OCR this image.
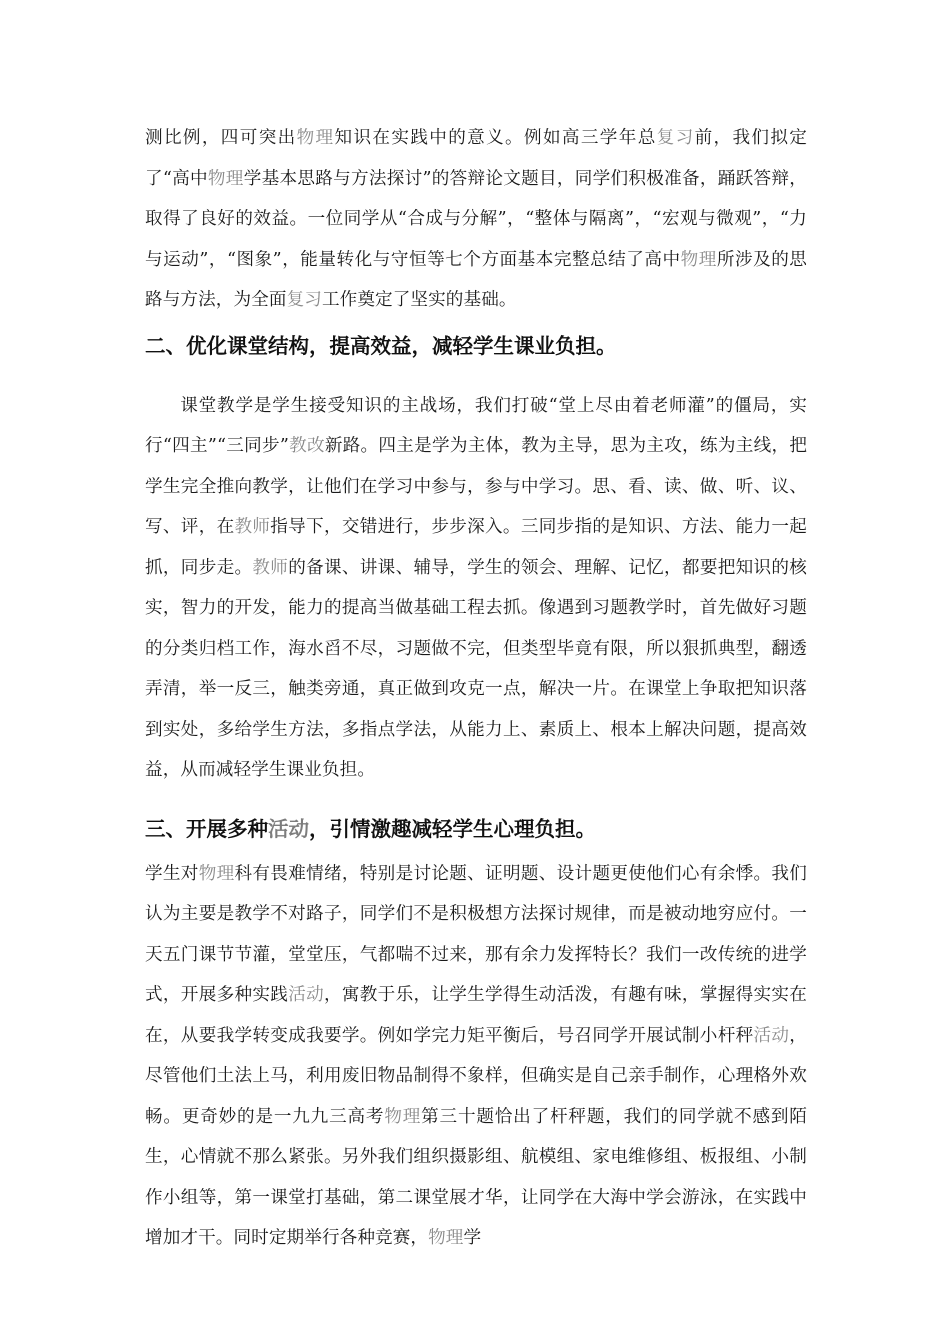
测比例，四可突出物理知识在实践中的意义。例如高三学年总复习前，我们拟定了“高中物理学基本思路与方法探讨”的答辩论文题目，同学们积极准备，踊跃答辩，取得了良好的效益。一位同学从“合成与分解”，“整体与隔离”，“宏观与微观”，“力与运动”，“图象”，能量转化与守恒等七个方面基本完整总结了高中物理所涉及的思路与方法，为全面复习工作奠定了坚实的基础。

二、优化课堂结构，提高效益，减轻学生课业负担。

课堂教学是学生接受知识的主战场，我们打破“堂上尽由着老师灌”的僵局，实行“四主”“三同步”教改新路。四主是学为主体，教为主导，思为主攻，练为主线，把学生完全推向教学，让他们在学习中参与，参与中学习。思、看、读、做、听、议、写、评，在教师指导下，交错进行，步步深入。三同步指的是知识、方法、能力一起抓，同步走。教师的备课、讲课、辅导，学生的领会、理解、记忆，都要把知识的核实，智力的开发，能力的提高当做基础工程去抓。像遇到习题教学时，首先做好习题的分类归档工作，海水舀不尽，习题做不完，但类型毕竟有限，所以狠抓典型，翻透弄清，举一反三，触类旁通，真正做到攻克一点，解决一片。在课堂上争取把知识落到实处，多给学生方法，多指点学法，从能力上、素质上、根本上解决问题，提高效益，从而减轻学生课业负担。

三、开展多种活动，引情激趣减轻学生心理负担。

学生对物理科有畏难情绪，特别是讨论题、证明题、设计题更使他们心有余悸。我们认为主要是教学不对路子，同学们不是积极想方法探讨规律，而是被动地穷应付。一天五门课节节灌，堂堂压，气都喘不过来，那有余力发挥特长？我们一改传统的进学式，开展多种实践活动，寓教于乐，让学生学得生动活泼，有趣有味，掌握得实实在在，从要我学转变成我要学。例如学完力矩平衡后，号召同学开展试制小杆秤活动，尽管他们土法上马，利用废旧物品制得不象样，但确实是自己亲手制作，心理格外欢畅。更奇妙的是一九九三高考物理第三十题恰出了杆秤题，我们的同学就不感到陌生，心情就不那么紧张。另外我们组织摄影组、航模组、家电维修组、板报组、小制作小组等，第一课堂打基础，第二课堂展才华，让同学在大海中学会游泳，在实践中增加才干。同时定期举行各种竞赛，物理学
